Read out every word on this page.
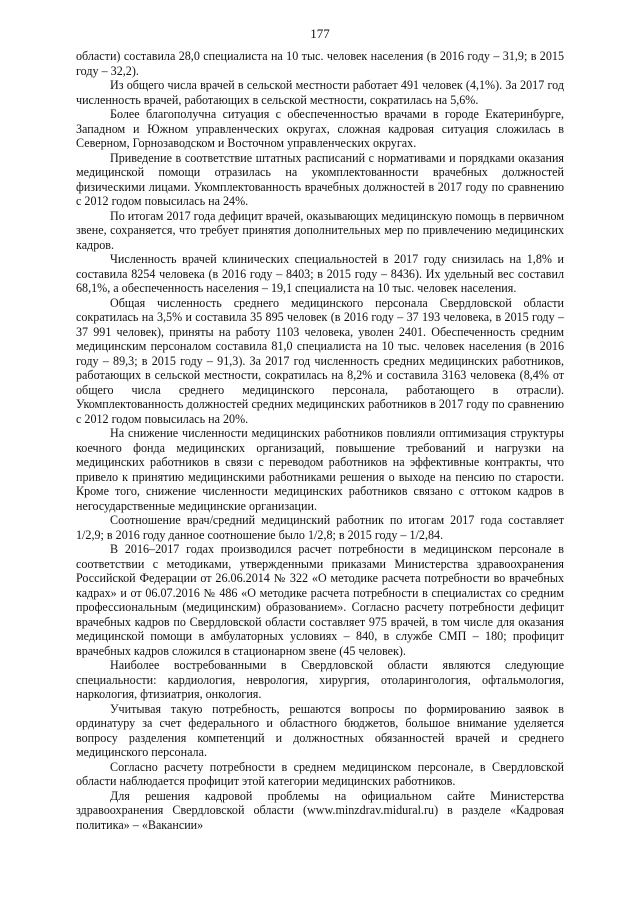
177

области) составила 28,0 специалиста на 10 тыс. человек населения (в 2016 году – 31,9; в 2015 году – 32,2).

Из общего числа врачей в сельской местности работает 491 человек (4,1%). За 2017 год численность врачей, работающих в сельской местности, сократилась на 5,6%.

Более благополучна ситуация с обеспеченностью врачами в городе Екатеринбурге, Западном и Южном управленческих округах, сложная кадровая ситуация сложилась в Северном, Горнозаводском и Восточном управленческих округах.

Приведение в соответствие штатных расписаний с нормативами и порядками оказания медицинской помощи отразилась на укомплектованности врачебных должностей физическими лицами. Укомплектованность врачебных должностей в 2017 году по сравнению с 2012 годом повысилась на 24%.

По итогам 2017 года дефицит врачей, оказывающих медицинскую помощь в первичном звене, сохраняется, что требует принятия дополнительных мер по привлечению медицинских кадров.

Численность врачей клинических специальностей в 2017 году снизилась на 1,8% и составила 8254 человека (в 2016 году – 8403; в 2015 году – 8436). Их удельный вес составил 68,1%, а обеспеченность населения – 19,1 специалиста на 10 тыс. человек населения.

Общая численность среднего медицинского персонала Свердловской области сократилась на 3,5% и составила 35 895 человек (в 2016 году – 37 193 человека, в 2015 году – 37 991 человек), приняты на работу 1103 человека, уволен 2401. Обеспеченность средним медицинским персоналом составила 81,0 специалиста на 10 тыс. человек населения (в 2016 году – 89,3; в 2015 году – 91,3). За 2017 год численность средних медицинских работников, работающих в сельской местности, сократилась на 8,2% и составила 3163 человека (8,4% от общего числа среднего медицинского персонала, работающего в отрасли). Укомплектованность должностей средних медицинских работников в 2017 году по сравнению с 2012 годом повысилась на 20%.

На снижение численности медицинских работников повлияли оптимизация структуры коечного фонда медицинских организаций, повышение требований и нагрузки на медицинских работников в связи с переводом работников на эффективные контракты, что привело к принятию медицинскими работниками решения о выходе на пенсию по старости. Кроме того, снижение численности медицинских работников связано с оттоком кадров в негосударственные медицинские организации.

Соотношение врач/средний медицинский работник по итогам 2017 года составляет 1/2,9; в 2016 году данное соотношение было 1/2,8; в 2015 году – 1/2,84.

В 2016–2017 годах производился расчет потребности в медицинском персонале в соответствии с методиками, утвержденными приказами Министерства здравоохранения Российской Федерации от 26.06.2014 № 322 «О методике расчета потребности во врачебных кадрах» и от 06.07.2016 № 486 «О методике расчета потребности в специалистах со средним профессиональным (медицинским) образованием». Согласно расчету потребности дефицит врачебных кадров по Свердловской области составляет 975 врачей, в том числе для оказания медицинской помощи в амбулаторных условиях – 840, в службе СМП – 180; профицит врачебных кадров сложился в стационарном звене (45 человек).

Наиболее востребованными в Свердловской области являются следующие специальности: кардиология, неврология, хирургия, отоларингология, офтальмология, наркология, фтизиатрия, онкология.

Учитывая такую потребность, решаются вопросы по формированию заявок в ординатуру за счет федерального и областного бюджетов, большое внимание уделяется вопросу разделения компетенций и должностных обязанностей врачей и среднего медицинского персонала.

Согласно расчету потребности в среднем медицинском персонале, в Свердловской области наблюдается профицит этой категории медицинских работников.

Для решения кадровой проблемы на официальном сайте Министерства здравоохранения Свердловской области (www.minzdrav.midural.ru) в разделе «Кадровая политика» – «Вакансии»
